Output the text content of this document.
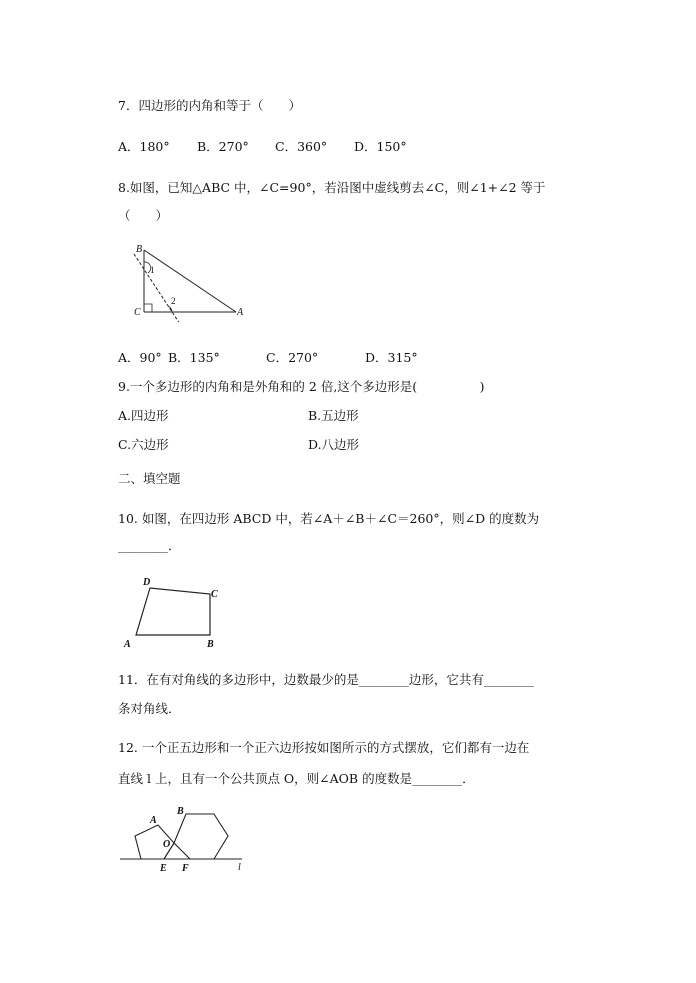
7．四边形的内角和等于（　　）
A．180° B．270° C．360° D．150°
8.如图，已知△ABC 中，∠C=90°，若沿图中虚线剪去∠C，则∠1+∠2 等于
（　　）
B
C	A
1
2
A．90° B．135°	C．270°	D．315°
9.一个多边形的内角和是外角和的 2 倍,这个多边形是(　　　　　)
A.四边形	B.五边形
C.六边形	D.八边形
二、填空题
10. 如图，在四边形 ABCD 中，若∠A＋∠B＋∠C＝260°，则∠D 的度数为
________．
D
C
A	B
11．在有对角线的多边形中，边数最少的是________边形，它共有________
条对角线．
12. 一个正五边形和一个正六边形按如图所示的方式摆放，它们都有一边在
直线 l 上，且有一个公共顶点 O，则∠AOB 的度数是________．
A
B
O
E F	l
